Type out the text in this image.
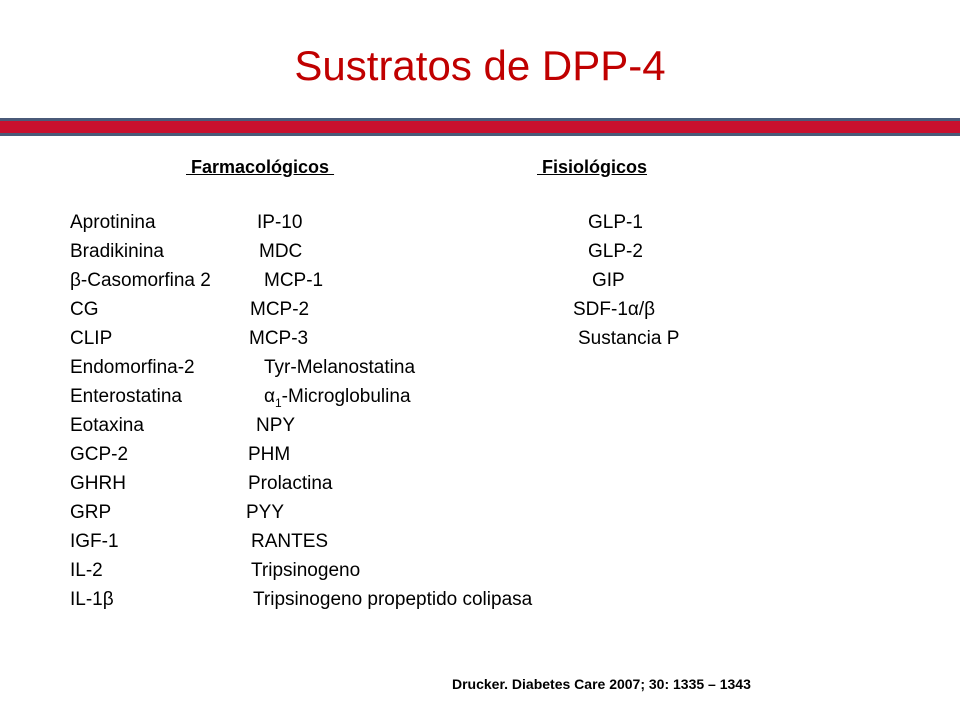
Sustratos de DPP-4
Farmacológicos	Fisiológicos
Aprotinina	IP-10	GLP-1
Bradikinina	MDC	GLP-2
β-Casomorfina 2	MCP-1	GIP
CG	MCP-2	SDF-1α/β
CLIP	MCP-3	Sustancia P
Endomorfina-2	Tyr-Melanostatina
Enterostatina	$\alpha_1$-Microglobulina
Eotaxina	NPY
GCP-2	PHM
GHRH	Prolactina
GRP	PYY
IGF-1	RANTES
IL-2	Tripsinogeno
IL-1β	Tripsinogeno propeptido colipasa
Drucker. Diabetes Care 2007; 30: 1335 – 1343
